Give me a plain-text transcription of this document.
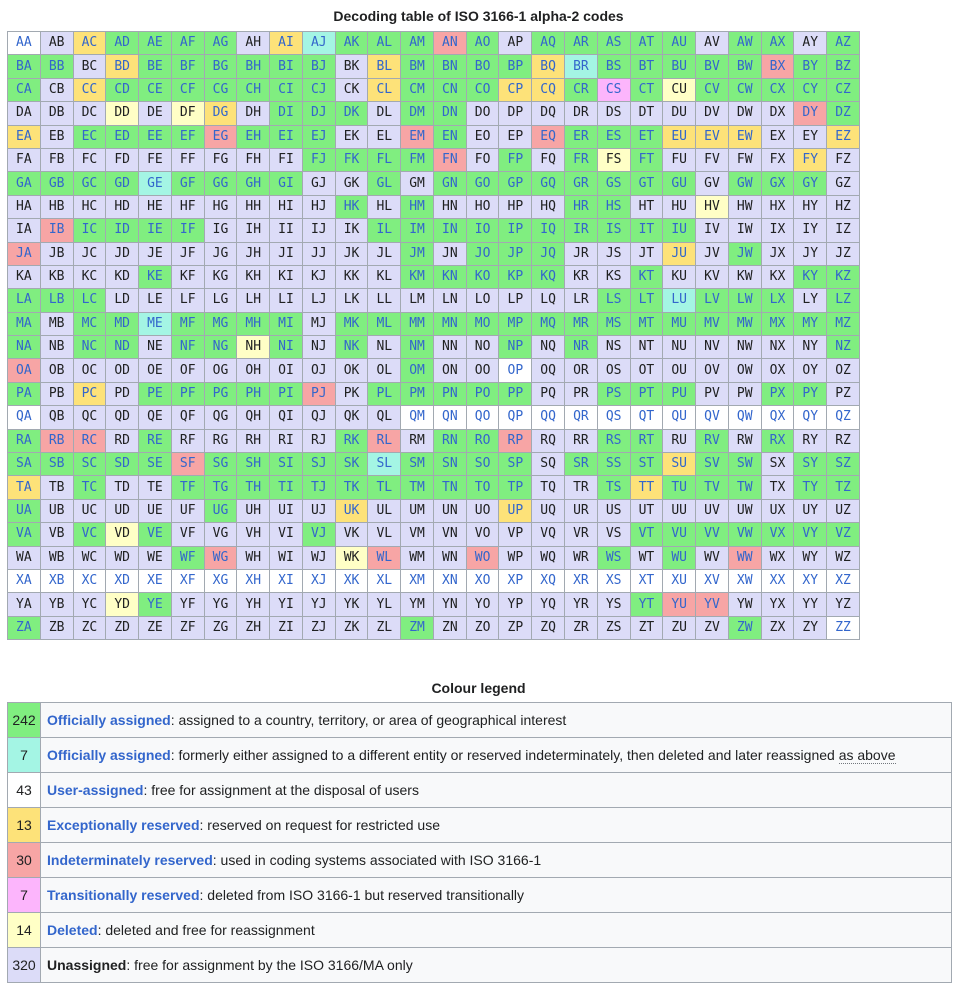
Decoding table of ISO 3166-1 alpha-2 codes
AA	AB	AC	AD	AE	AF	AG	AH	AI	AJ	AK	AL	AM	AN	AO	AP	AQ	AR	AS	AT	AU	AV	AW	AX	AY	AZ
BA	BB	BC	BD	BE	BF	BG	BH	BI	BJ	BK	BL	BM	BN	BO	BP	BQ	BR	BS	BT	BU	BV	BW	BX	BY	BZ
CA	CB	CC	CD	CE	CF	CG	CH	CI	CJ	CK	CL	CM	CN	CO	CP	CQ	CR	CS	CT	CU	CV	CW	CX	CY	CZ
DA	DB	DC	DD	DE	DF	DG	DH	DI	DJ	DK	DL	DM	DN	DO	DP	DQ	DR	DS	DT	DU	DV	DW	DX	DY	DZ
EA	EB	EC	ED	EE	EF	EG	EH	EI	EJ	EK	EL	EM	EN	EO	EP	EQ	ER	ES	ET	EU	EV	EW	EX	EY	EZ
FA	FB	FC	FD	FE	FF	FG	FH	FI	FJ	FK	FL	FM	FN	FO	FP	FQ	FR	FS	FT	FU	FV	FW	FX	FY	FZ
GA	GB	GC	GD	GE	GF	GG	GH	GI	GJ	GK	GL	GM	GN	GO	GP	GQ	GR	GS	GT	GU	GV	GW	GX	GY	GZ
HA	HB	HC	HD	HE	HF	HG	HH	HI	HJ	HK	HL	HM	HN	HO	HP	HQ	HR	HS	HT	HU	HV	HW	HX	HY	HZ
IA	IB	IC	ID	IE	IF	IG	IH	II	IJ	IK	IL	IM	IN	IO	IP	IQ	IR	IS	IT	IU	IV	IW	IX	IY	IZ
JA	JB	JC	JD	JE	JF	JG	JH	JI	JJ	JK	JL	JM	JN	JO	JP	JQ	JR	JS	JT	JU	JV	JW	JX	JY	JZ
KA	KB	KC	KD	KE	KF	KG	KH	KI	KJ	KK	KL	KM	KN	KO	KP	KQ	KR	KS	KT	KU	KV	KW	KX	KY	KZ
LA	LB	LC	LD	LE	LF	LG	LH	LI	LJ	LK	LL	LM	LN	LO	LP	LQ	LR	LS	LT	LU	LV	LW	LX	LY	LZ
MA	MB	MC	MD	ME	MF	MG	MH	MI	MJ	MK	ML	MM	MN	MO	MP	MQ	MR	MS	MT	MU	MV	MW	MX	MY	MZ
NA	NB	NC	ND	NE	NF	NG	NH	NI	NJ	NK	NL	NM	NN	NO	NP	NQ	NR	NS	NT	NU	NV	NW	NX	NY	NZ
OA	OB	OC	OD	OE	OF	OG	OH	OI	OJ	OK	OL	OM	ON	OO	OP	OQ	OR	OS	OT	OU	OV	OW	OX	OY	OZ
PA	PB	PC	PD	PE	PF	PG	PH	PI	PJ	PK	PL	PM	PN	PO	PP	PQ	PR	PS	PT	PU	PV	PW	PX	PY	PZ
QA	QB	QC	QD	QE	QF	QG	QH	QI	QJ	QK	QL	QM	QN	QO	QP	QQ	QR	QS	QT	QU	QV	QW	QX	QY	QZ
RA	RB	RC	RD	RE	RF	RG	RH	RI	RJ	RK	RL	RM	RN	RO	RP	RQ	RR	RS	RT	RU	RV	RW	RX	RY	RZ
SA	SB	SC	SD	SE	SF	SG	SH	SI	SJ	SK	SL	SM	SN	SO	SP	SQ	SR	SS	ST	SU	SV	SW	SX	SY	SZ
TA	TB	TC	TD	TE	TF	TG	TH	TI	TJ	TK	TL	TM	TN	TO	TP	TQ	TR	TS	TT	TU	TV	TW	TX	TY	TZ
UA	UB	UC	UD	UE	UF	UG	UH	UI	UJ	UK	UL	UM	UN	UO	UP	UQ	UR	US	UT	UU	UV	UW	UX	UY	UZ
VA	VB	VC	VD	VE	VF	VG	VH	VI	VJ	VK	VL	VM	VN	VO	VP	VQ	VR	VS	VT	VU	VV	VW	VX	VY	VZ
WA	WB	WC	WD	WE	WF	WG	WH	WI	WJ	WK	WL	WM	WN	WO	WP	WQ	WR	WS	WT	WU	WV	WW	WX	WY	WZ
XA	XB	XC	XD	XE	XF	XG	XH	XI	XJ	XK	XL	XM	XN	XO	XP	XQ	XR	XS	XT	XU	XV	XW	XX	XY	XZ
YA	YB	YC	YD	YE	YF	YG	YH	YI	YJ	YK	YL	YM	YN	YO	YP	YQ	YR	YS	YT	YU	YV	YW	YX	YY	YZ
ZA	ZB	ZC	ZD	ZE	ZF	ZG	ZH	ZI	ZJ	ZK	ZL	ZM	ZN	ZO	ZP	ZQ	ZR	ZS	ZT	ZU	ZV	ZW	ZX	ZY	ZZ
Colour legend
242	Officially assigned: assigned to a country, territory, or area of geographical interest
7	Officially assigned: formerly either assigned to a different entity or reserved indeterminately, then deleted and later reassigned as above
43	User-assigned: free for assignment at the disposal of users
13	Exceptionally reserved: reserved on request for restricted use
30	Indeterminately reserved: used in coding systems associated with ISO 3166-1
7	Transitionally reserved: deleted from ISO 3166-1 but reserved transitionally
14	Deleted: deleted and free for reassignment
320	Unassigned: free for assignment by the ISO 3166/MA only
